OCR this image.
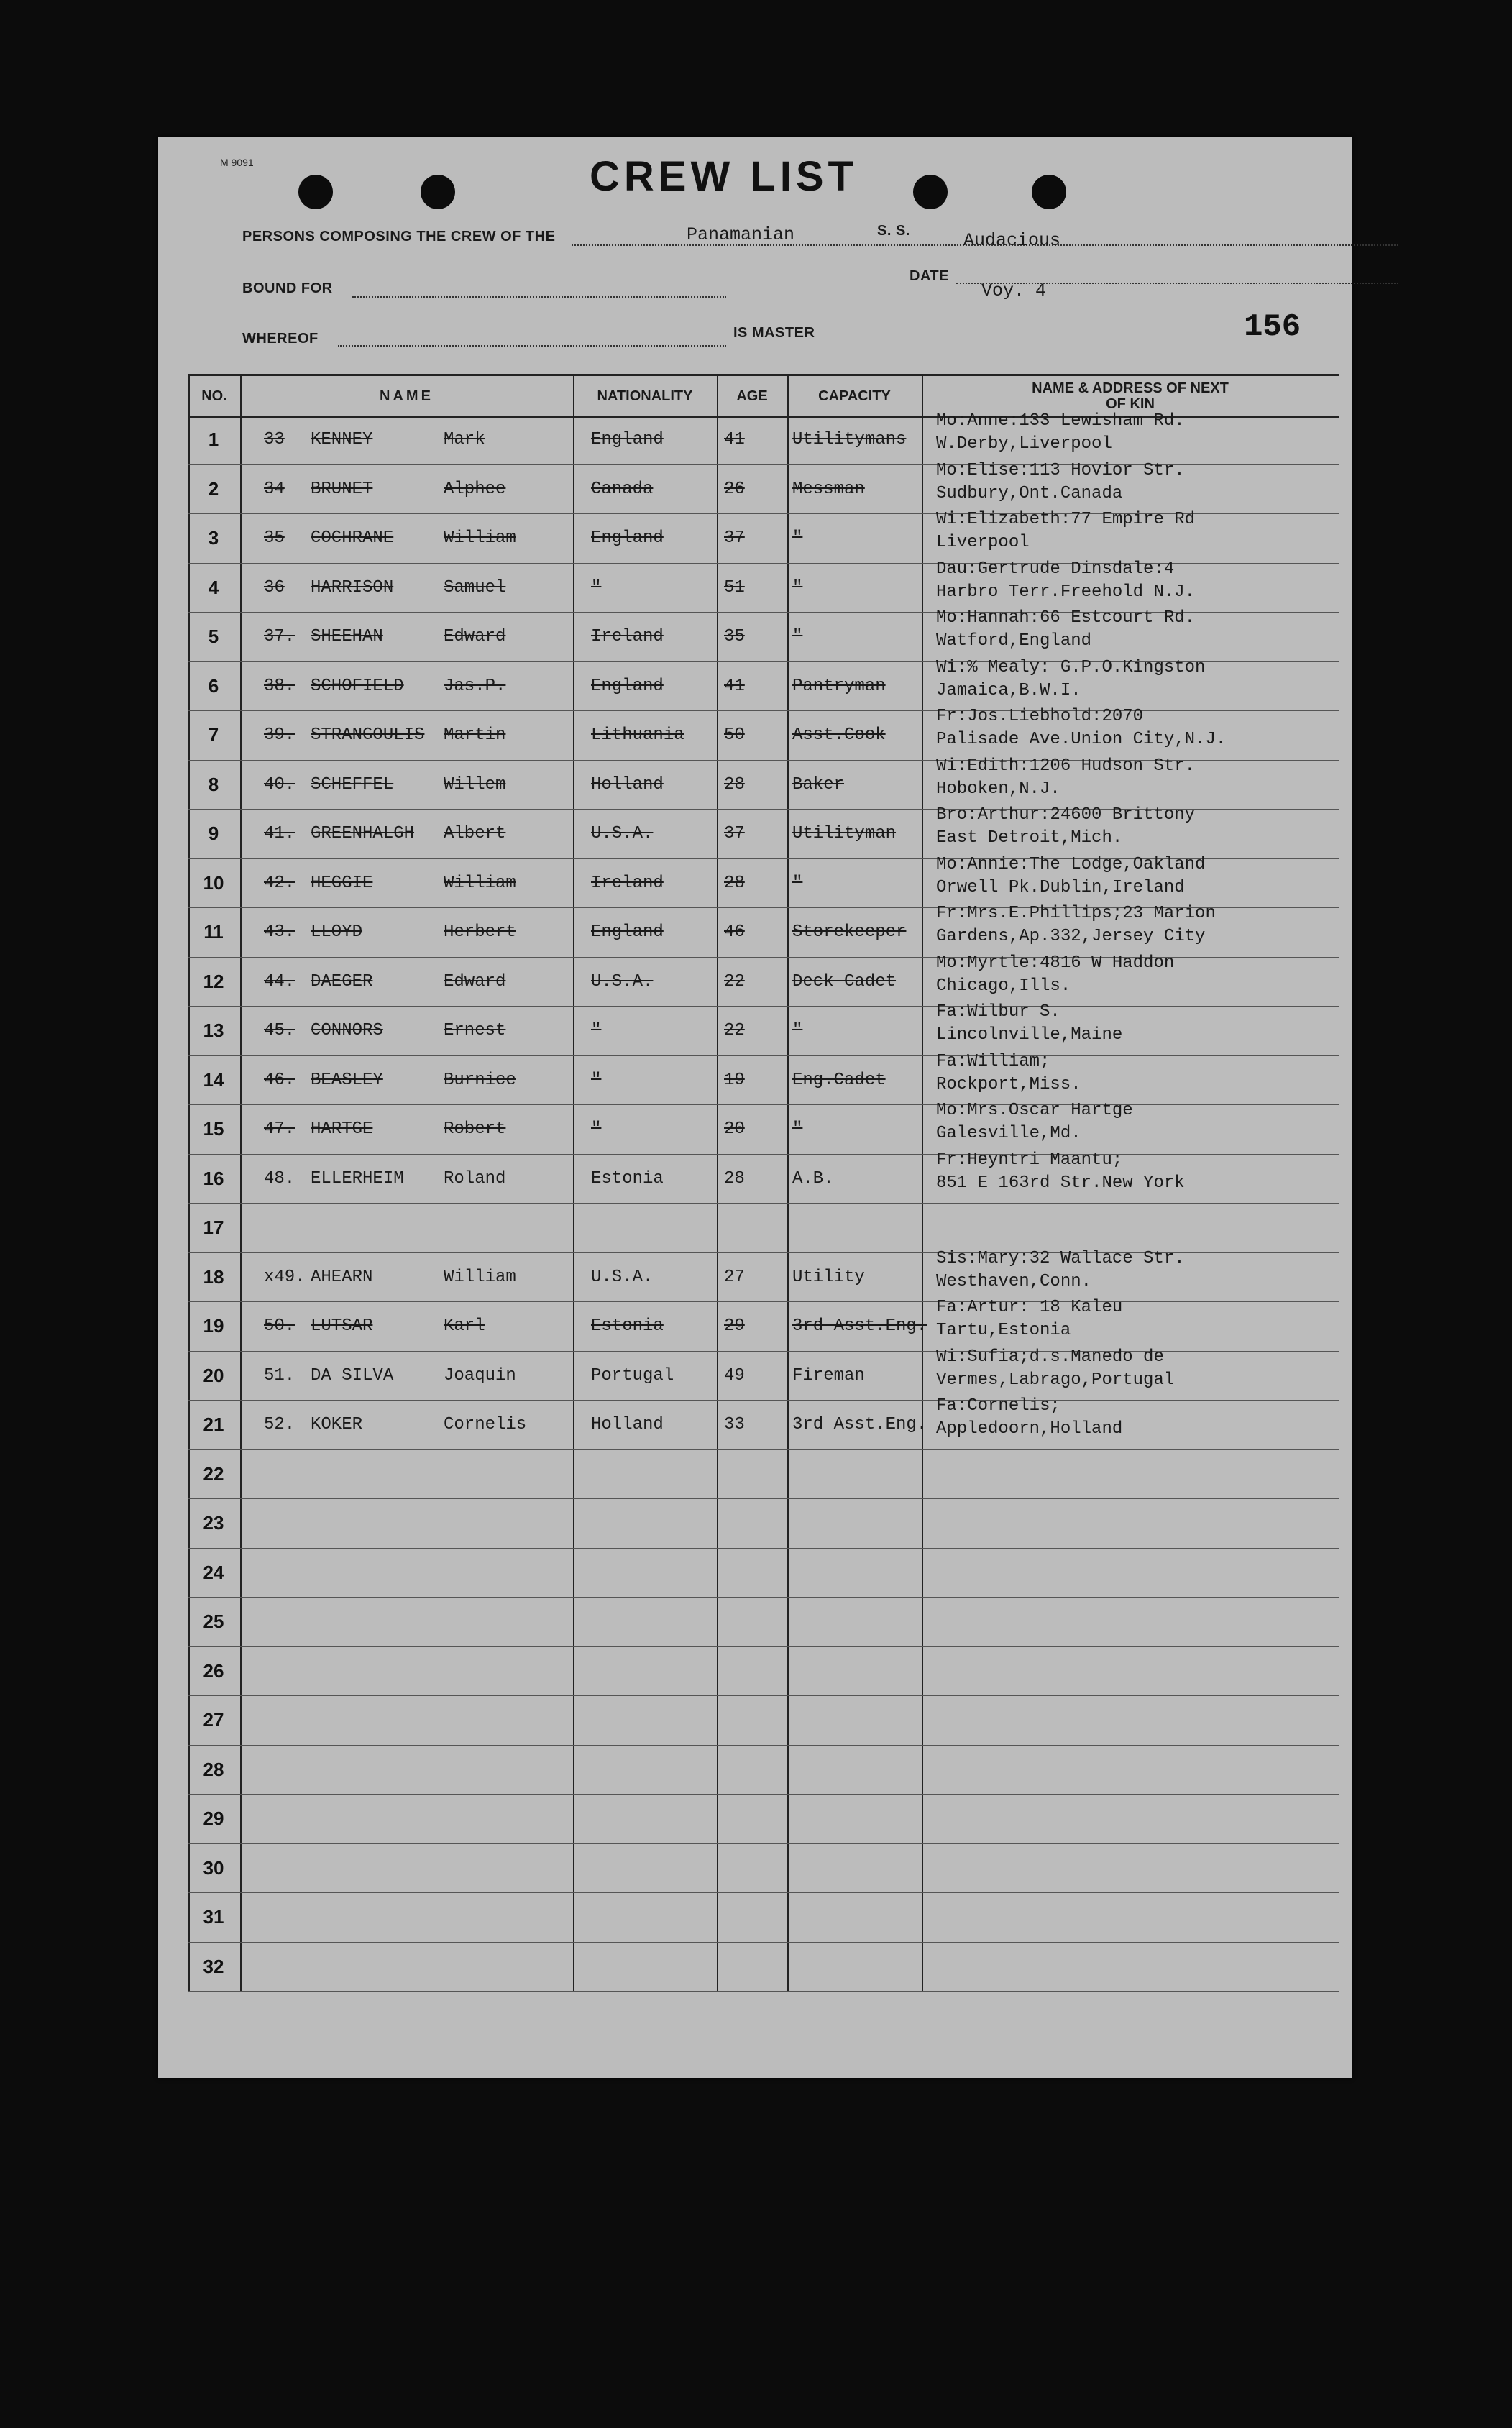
M 9091	CREW LIST
PERSONS COMPOSING THE CREW OF THE	S. S.
Panamanian	Audacious
BOUND FOR
DATE
Voy. 4
WHEREOF	IS MASTER	156
NO.	NAME	NATIONALITY	AGE	CAPACITY	NAME & ADDRESS OF NEXT OF KIN
1	33 KENNEY	Mark	England	41	Utilitymans
Mo:Anne:133 Lewisham Rd.
W.Derby,Liverpool
2	34 BRUNET	Alphee	Canada	26	Messman
Mo:Elise:113 Hovior Str.
Sudbury,Ont.Canada
3	35 COCHRANE	William	England	37	"
Wi:Elizabeth:77 Empire Rd
Liverpool
4	36 HARRISON	Samuel	"	51	"
Dau:Gertrude Dinsdale:4
Harbro Terr.Freehold N.J.
5	37. SHEEHAN	Edward	Ireland	35	"
Mo:Hannah:66 Estcourt Rd.
Watford,England
6	38. SCHOFIELD Jas.P.	England	41	Pantryman
Wi:% Mealy: G.P.O.Kingston
Jamaica,B.W.I.
7	39. STRANGOULIS Martin	Lithuania 50	Asst.Cook
Fr:Jos.Liebhold:2070
Palisade Ave.Union City,N.J.
8	40. SCHEFFEL	Willem	Holland	28	Baker
Wi:Edith:1206 Hudson Str.
Hoboken,N.J.
9	41. GREENHALGH Albert	U.S.A.	37	Utilityman
Bro:Arthur:24600 Brittony
East Detroit,Mich.
10	42. HEGGIE	William	Ireland	28	"
Mo:Annie:The Lodge,Oakland
Orwell Pk.Dublin,Ireland
11	43. LLOYD	Herbert	England	46	Storekeeper
Fr:Mrs.E.Phillips;23 Marion
Gardens,Ap.332,Jersey City
12	44. DAEGER	Edward	U.S.A.	22	Deck Cadet
Mo:Myrtle:4816 W Haddon
Chicago,Ills.
13	45. CONNORS	Ernest	"	22	"
Fa:Wilbur S.
Lincolnville,Maine
14	46. BEASLEY	Burnice	"	19	Eng.Cadet
Fa:William;
Rockport,Miss.
15	47. HARTGE	Robert	"	20	"
Mo:Mrs.Oscar Hartge
Galesville,Md.
16	48. ELLERHEIM Roland	Estonia	28	A.B.
Fr:Heyntri Maantu;
851 E 163rd Str.New York
17
18	x49. AHEARN	William	U.S.A.	27	Utility
Sis:Mary:32 Wallace Str.
Westhaven,Conn.
19	50. LUTSAR	Karl	Estonia	29	3rd Asst.Eng.
Fa:Artur: 18 Kaleu
Tartu,Estonia
20	51. DA SILVA	Joaquin	Portugal	49	Fireman
Wi:Sufia;d.s.Manedo de
Vermes,Labrago,Portugal
21	52. KOKER	Cornelis	Holland	33	3rd Asst.Eng.
Fa:Cornelis;
Appledoorn,Holland
22
23
24
25
26
27
28
29
30
31
32
